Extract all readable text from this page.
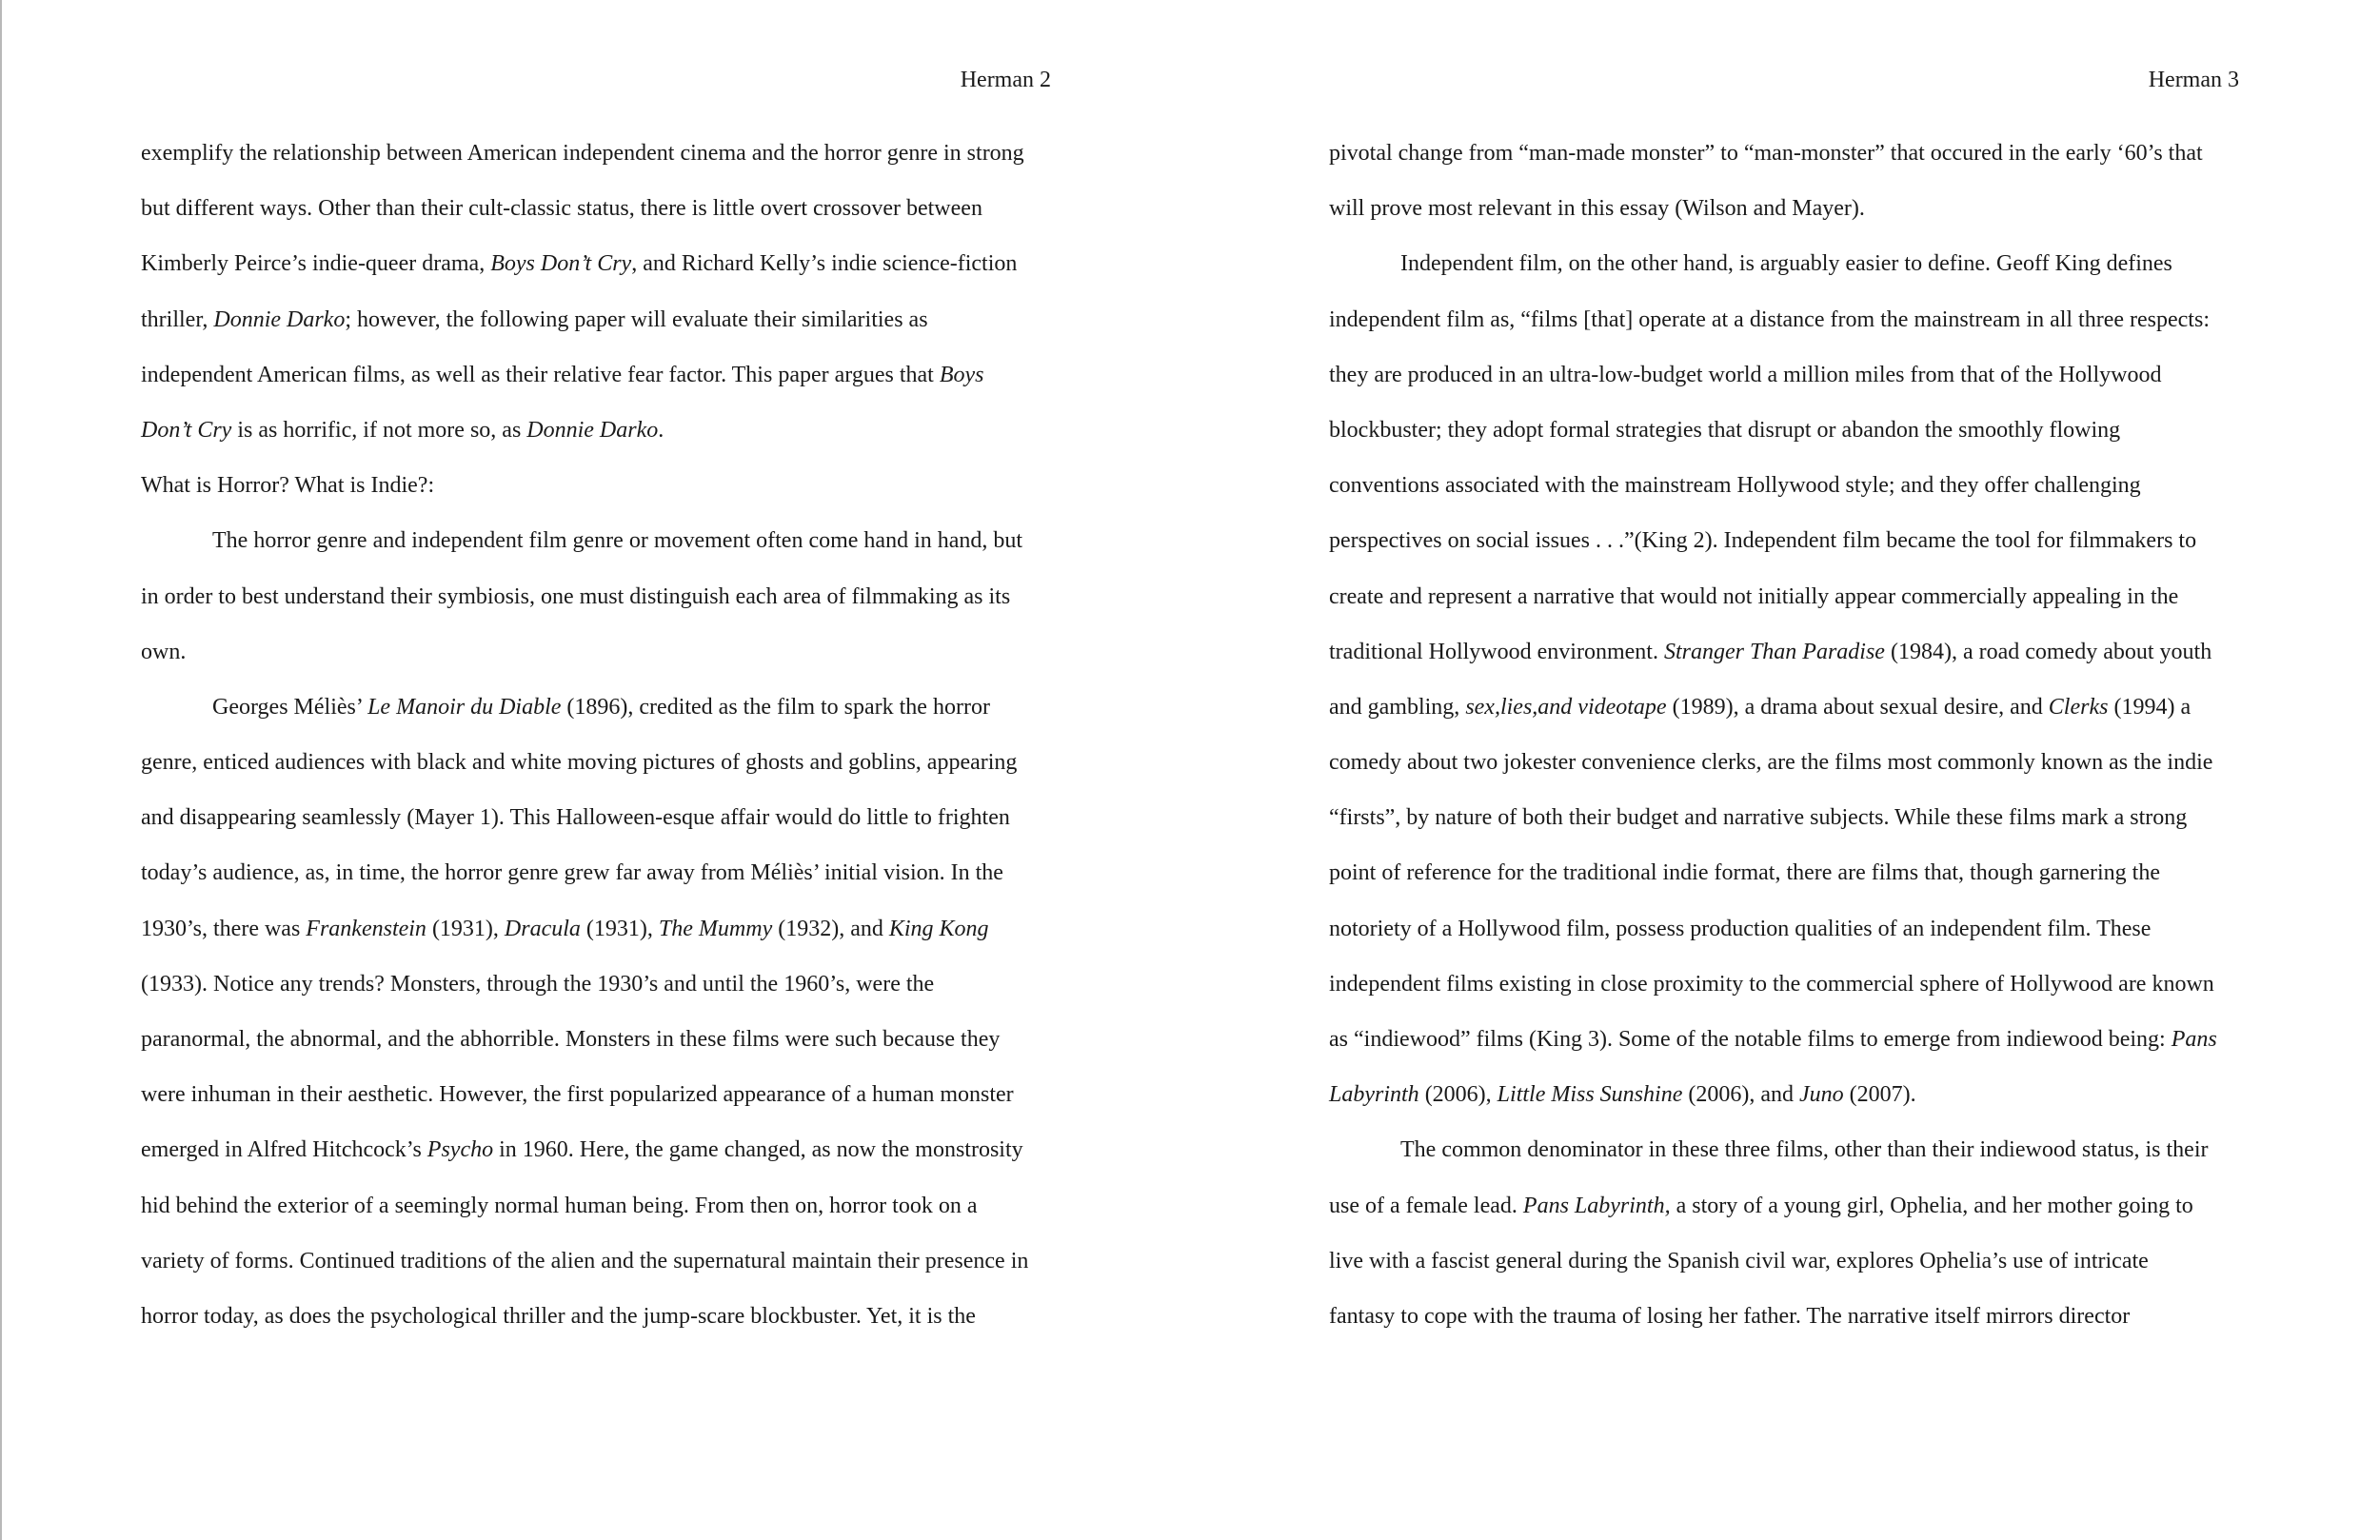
Herman 2
exemplify the relationship between American independent cinema and the horror genre in strong
but different ways. Other than their cult-classic status, there is little overt crossover between
Kimberly Peirce’s indie-queer drama, Boys Don’t Cry, and Richard Kelly’s indie science-fiction
thriller, Donnie Darko; however, the following paper will evaluate their similarities as
independent American films, as well as their relative fear factor. This paper argues that Boys
Don’t Cry is as horrific, if not more so, as Donnie Darko.
What is Horror? What is Indie?:
The horror genre and independent film genre or movement often come hand in hand, but
in order to best understand their symbiosis, one must distinguish each area of filmmaking as its
own.
Georges Méliès’ Le Manoir du Diable (1896), credited as the film to spark the horror
genre, enticed audiences with black and white moving pictures of ghosts and goblins, appearing
and disappearing seamlessly (Mayer 1). This Halloween-esque affair would do little to frighten
today’s audience, as, in time, the horror genre grew far away from Méliès’ initial vision. In the
1930’s, there was Frankenstein (1931), Dracula (1931), The Mummy (1932), and King Kong
(1933). Notice any trends? Monsters, through the 1930’s and until the 1960’s, were the
paranormal, the abnormal, and the abhorrible. Monsters in these films were such because they
were inhuman in their aesthetic. However, the first popularized appearance of a human monster
emerged in Alfred Hitchcock’s Psycho in 1960. Here, the game changed, as now the monstrosity
hid behind the exterior of a seemingly normal human being. From then on, horror took on a
variety of forms. Continued traditions of the alien and the supernatural maintain their presence in
horror today, as does the psychological thriller and the jump-scare blockbuster. Yet, it is the
Herman 3
pivotal change from “man-made monster” to “man-monster” that occured in the early ‘60’s that
will prove most relevant in this essay (Wilson and Mayer).
Independent film, on the other hand, is arguably easier to define. Geoff King defines
independent film as, “films [that] operate at a distance from the mainstream in all three respects:
they are produced in an ultra-low-budget world a million miles from that of the Hollywood
blockbuster; they adopt formal strategies that disrupt or abandon the smoothly flowing
conventions associated with the mainstream Hollywood style; and they offer challenging
perspectives on social issues . . .”(King 2). Independent film became the tool for filmmakers to
create and represent a narrative that would not initially appear commercially appealing in the
traditional Hollywood environment. Stranger Than Paradise (1984), a road comedy about youth
and gambling, sex,lies,and videotape (1989), a drama about sexual desire, and Clerks (1994) a
comedy about two jokester convenience clerks, are the films most commonly known as the indie
“firsts”, by nature of both their budget and narrative subjects. While these films mark a strong
point of reference for the traditional indie format, there are films that, though garnering the
notoriety of a Hollywood film, possess production qualities of an independent film. These
independent films existing in close proximity to the commercial sphere of Hollywood are known
as “indiewood” films (King 3). Some of the notable films to emerge from indiewood being: Pans
Labyrinth (2006), Little Miss Sunshine (2006), and Juno (2007).
The common denominator in these three films, other than their indiewood status, is their
use of a female lead. Pans Labyrinth, a story of a young girl, Ophelia, and her mother going to
live with a fascist general during the Spanish civil war, explores Ophelia’s use of intricate
fantasy to cope with the trauma of losing her father. The narrative itself mirrors director
